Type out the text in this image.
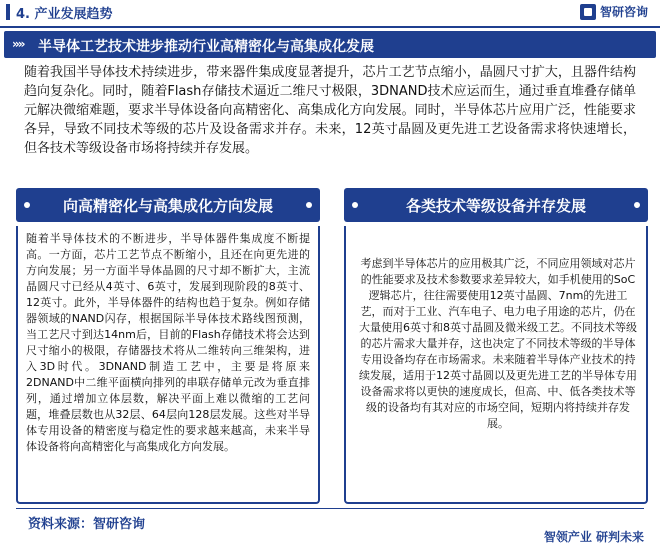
4. 产业发展趋势	智研咨询
»» 半导体工艺技术进步推动行业高精密化与高集成化发展
随着我国半导体技术持续进步，带来器件集成度显著提升，芯片工艺节点缩小，晶圆尺寸扩大，且器件结构趋向复杂化。同时，随着Flash存储技术逼近二维尺寸极限，3DNAND技术应运而生，通过垂直堆叠存储单元解决微缩难题，要求半导体设备向高精密化、高集成化方向发展。同时，半导体芯片应用广泛，性能要求各异，导致不同技术等级的芯片及设备需求并存。未来，12英寸晶圆及更先进工艺设备需求将快速增长，但各技术等级设备市场将持续并存发展。
向高精密化与高集成化方向发展
随着半导体技术的不断进步，半导体器件集成度不断提高。一方面，芯片工艺节点不断缩小，且还在向更先进的方向发展；另一方面半导体晶圆的尺寸却不断扩大，主流晶圆尺寸已经从4英寸、6英寸，发展到现阶段的8英寸、12英寸。此外，半导体器件的结构也趋于复杂。例如存储器领域的NAND闪存，根据国际半导体技术路线图预测，当工艺尺寸到达14nm后，目前的Flash存储技术将会达到尺寸缩小的极限，存储器技术将从二维转向三维架构，进入3D时代。3DNAND制造工艺中，主要是将原来2DNAND中二维平面横向排列的串联存储单元改为垂直排列，通过增加立体层数，解决平面上难以微缩的工艺问题，堆叠层数也从32层、64层向128层发展。这些对半导体专用设备的精密度与稳定性的要求越来越高，未来半导体设备将向高精密化与高集成化方向发展。
各类技术等级设备并存发展
考虑到半导体芯片的应用极其广泛，不同应用领域对芯片的性能要求及技术参数要求差异较大，如手机使用的SoC逻辑芯片，往往需要使用12英寸晶圆、7nm的先进工艺，而对于工业、汽车电子、电力电子用途的芯片，仍在大量使用6英寸和8英寸晶圆及微米级工艺。不同技术等级的芯片需求大量并存，这也决定了不同技术等级的半导体专用设备均存在市场需求。未来随着半导体产业技术的持续发展，适用于12英寸晶圆以及更先进工艺的半导体专用设备需求将以更快的速度成长，但高、中、低各类技术等级的设备均有其对应的市场空间，短期内将持续并存发展。
资料来源：智研咨询
智领产业 研判未来
